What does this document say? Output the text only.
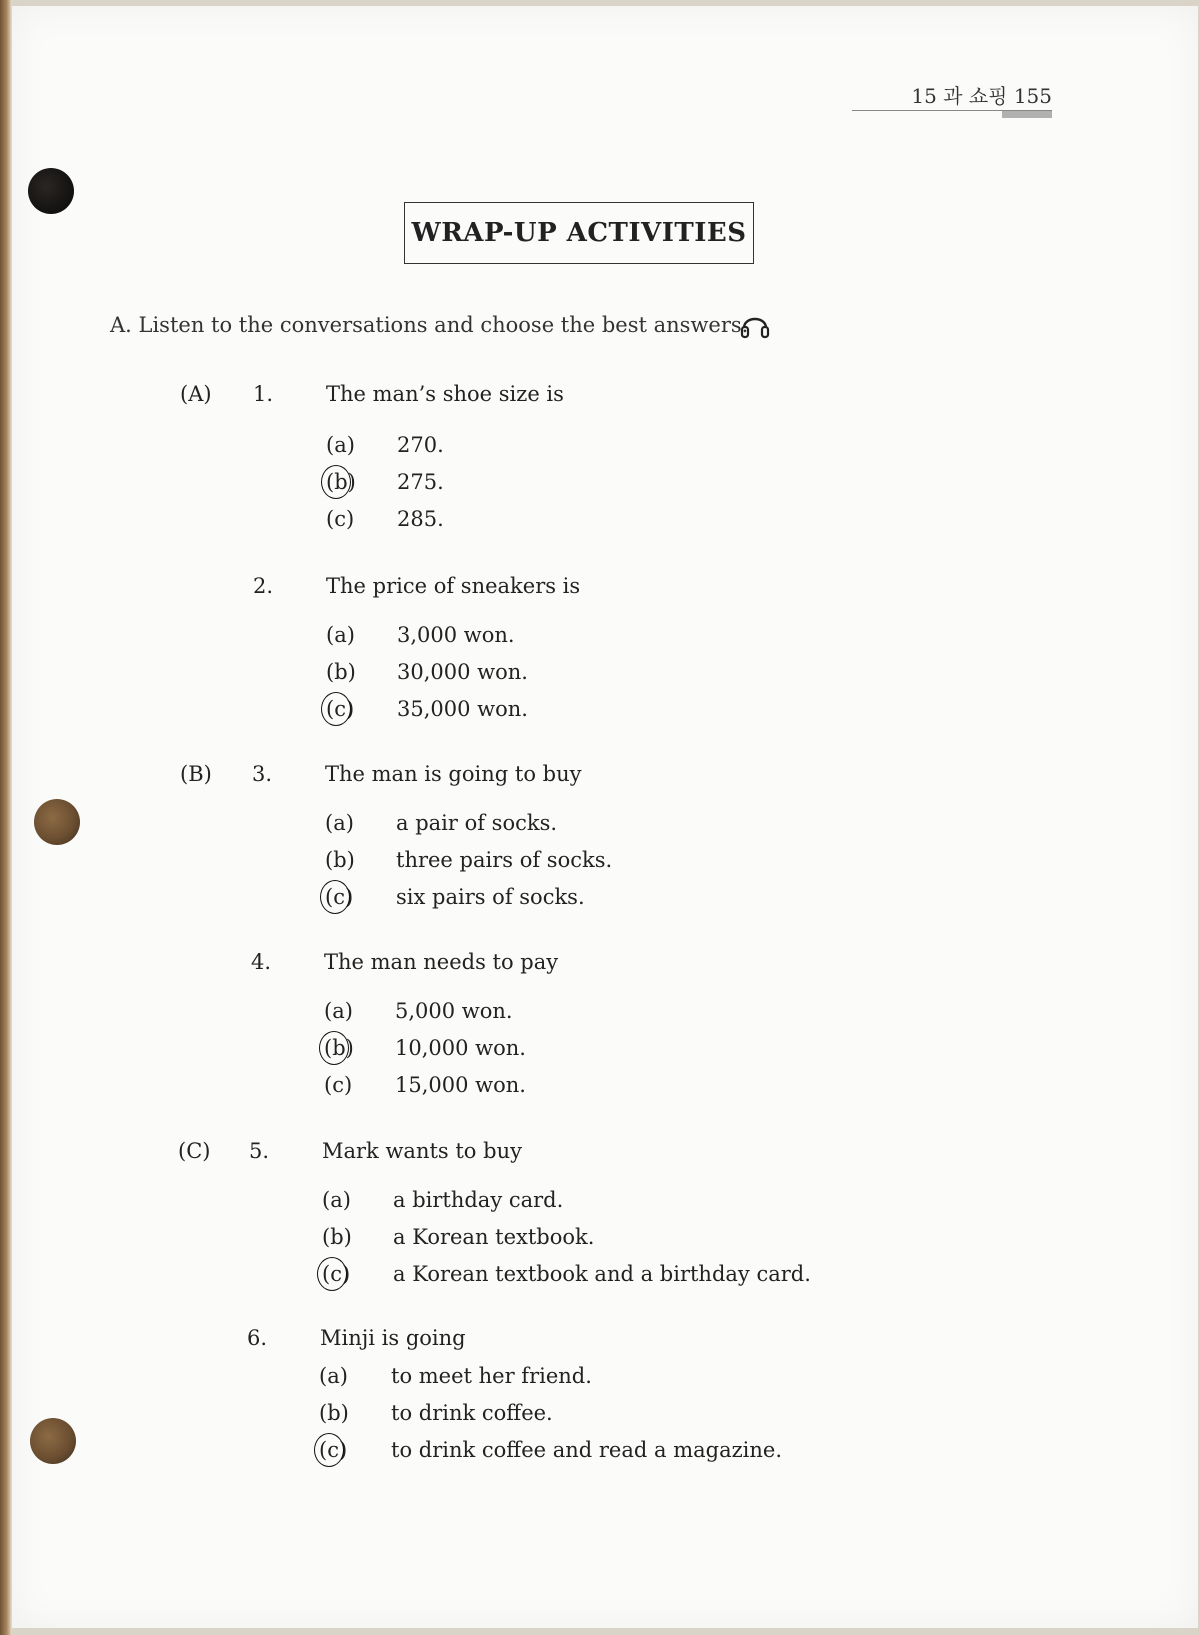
15 과 쇼핑 155
WRAP-UP ACTIVITIES
A. Listen to the conversations and choose the best answers.
(A) 1.	The man’s shoe size is
(a)	270.
(b)	275.
(c)	285.
2.	The price of sneakers is
(a)	3,000 won.
(b)	30,000 won.
(c)	35,000 won.
(B) 3.	The man is going to buy
(a)	a pair of socks.
(b)	three pairs of socks.
(c)	six pairs of socks.
4.	The man needs to pay
(a)	5,000 won.
(b)	10,000 won.
(c)	15,000 won.
(C) 5.	Mark wants to buy
(a)	a birthday card.
(b)	a Korean textbook.
(c)	a Korean textbook and a birthday card.
6.	Minji is going
(a)	to meet her friend.
(b)	to drink coffee.
(c)	to drink coffee and read a magazine.
